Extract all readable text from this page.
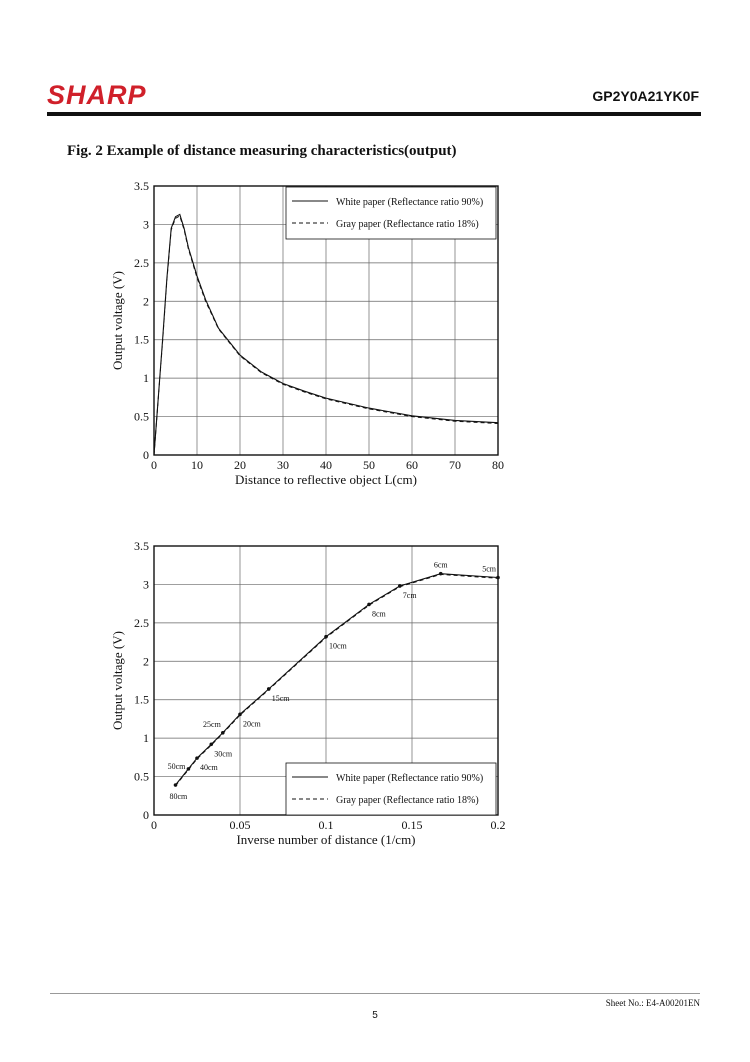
SHARP	GP2Y0A21YK0F
Fig. 2 Example of distance measuring characteristics(output)
0	10	20	30	40	50	60	70	80
0
0.5
1
1.5
2
2.5
3
3.5
Distance to reflective object L(cm)
Output voltage (V)
White paper (Reflectance ratio 90%)
Gray paper (Reflectance ratio 18%)
0	0.05	0.1	0.15	0.2
0
0.5
1
1.5
2
2.5
3
3.5
Inverse number of distance (1/cm)
Output voltage (V)
80cm
50cm 40cm
30cm
25cm	20cm
15cm
10cm
8cm
7cm
6cm	5cm
White paper (Reflectance ratio 90%)
Gray paper (Reflectance ratio 18%)
Sheet No.: E4-A00201EN
5
